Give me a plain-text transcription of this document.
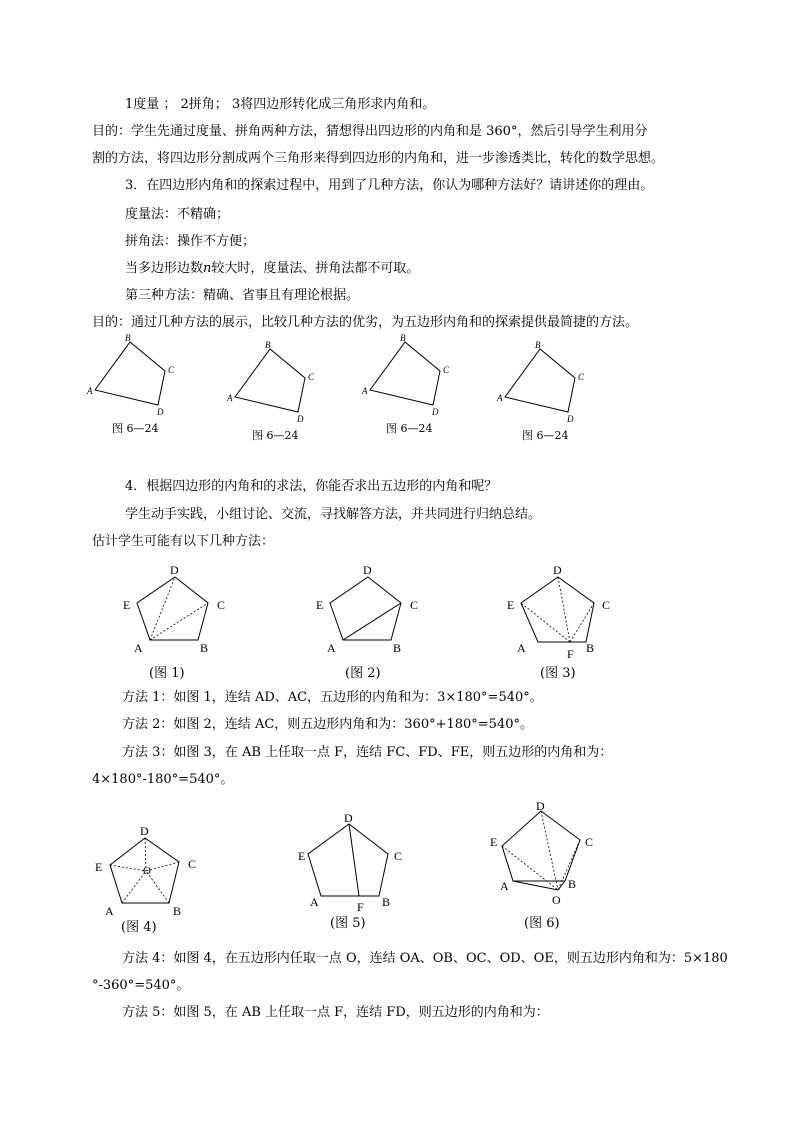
1度量 ； 2拼角； 3将四边形转化成三角形求内角和。
目的：学生先通过度量、拼角两种方法，猜想得出四边形的内角和是 360°，然后引导学生利用分
割的方法，将四边形分割成两个三角形来得到四边形的内角和，进一步渗透类比，转化的数学思想。
3．在四边形内角和的探索过程中，用到了几种方法，你认为哪种方法好？请讲述你的理由。
度量法：不精确；
拼角法：操作不方便；
当多边形边数n较大时，度量法、拼角法都不可取。
第三种方法：精确、省事且有理论根据。
目的：通过几种方法的展示，比较几种方法的优劣，为五边形内角和的探索提供最简捷的方法。
A
B
C
D
图 6—24
A
B
C
D
图 6—24
A
B
C
D
图 6—24
A
B
C
D
图 6—24
4．根据四边形的内角和的求法，你能否求出五边形的内角和呢？
学生动手实践，小组讨论、交流，寻找解答方法，并共同进行归纳总结。
估计学生可能有以下几种方法：
D
C
E
A	B
(图 1)
D
C
E
A	B
(图 2)
D
C
E
A	B
F
(图 3)
方法 1：如图 1，连结 AD、AC，五边形的内角和为：3×180°=540°。
方法 2：如图 2，连结 AC，则五边形内角和为：360°+180°=540°。
方法 3：如图 3，在 AB 上任取一点 F，连结 FC、FD、FE，则五边形的内角和为：
4×180°-180°=540°。
D
C
E	O
A	B
(图 4)
D
C
E
A	B
F
(图 5)
D
C
E
A	B
O
(图 6)
方法 4：如图 4，在五边形内任取一点 O，连结 OA、OB、OC、OD、OE，则五边形内角和为：5×180
°-360°=540°。
方法 5：如图 5，在 AB 上任取一点 F，连结 FD，则五边形的内角和为：
